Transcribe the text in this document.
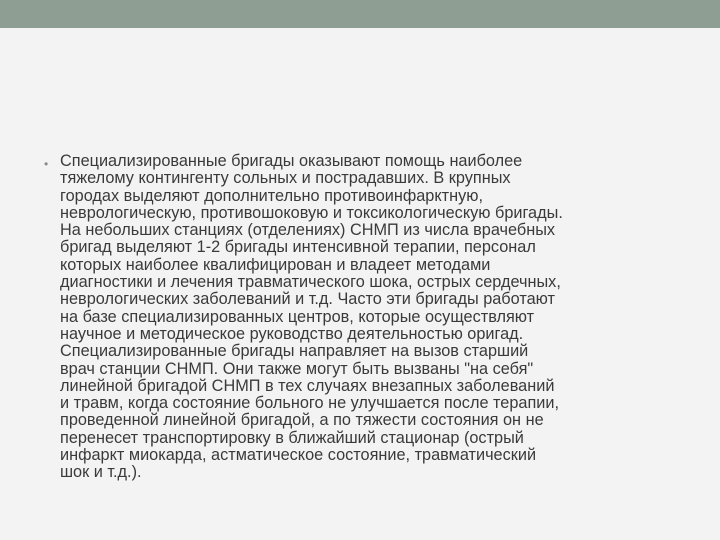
• Специализированные бригады оказывают помощь наиболее
тяжелому контингенту сольных и пострадавших. В крупных
городах выделяют дополнительно противоинфарктную,
неврологическую, противошоковую и токсикологическую бригады.
На небольших станциях (отделениях) СНМП из числа врачебных
бригад выделяют 1-2 бригады интенсивной терапии, персонал
которых наиболее квалифицирован и владеет методами
диагностики и лечения травматического шока, острых сердечных,
неврологических заболеваний и т.д. Часто эти бригады работают
на базе специализированных центров, которые осуществляют
научное и методическое руководство деятельностью оригад.
Специализированные бригады направляет на вызов старший
врач станции СНМП. Они также могут быть вызваны "на себя"
линейной бригадой СНМП в тех случаях внезапных заболеваний
и травм, когда состояние больного не улучшается после терапии,
проведенной линейной бригадой, а по тяжести состояния он не
перенесет транспортировку в ближайший стационар (острый
инфаркт миокарда, астматическое состояние, травматический
шок и т.д.).
